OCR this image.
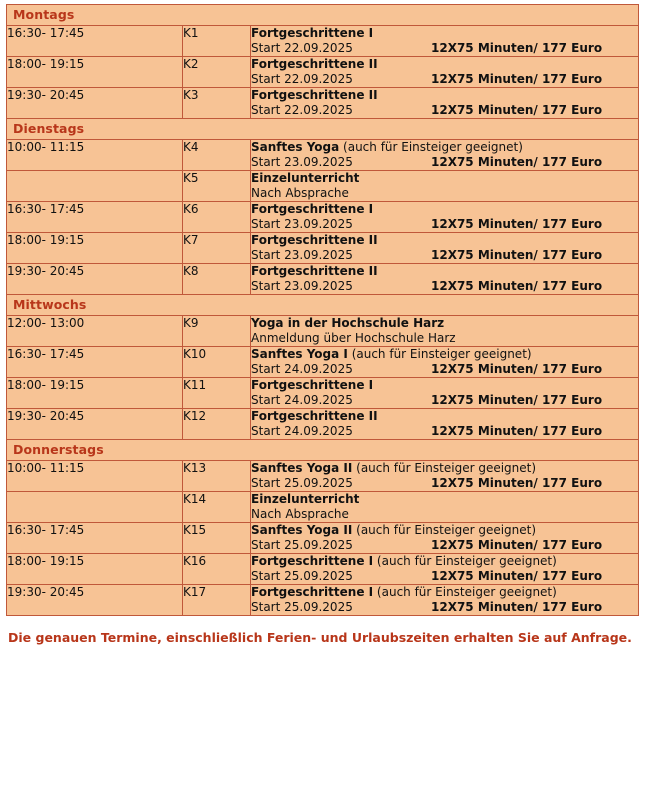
Montags		
16:30- 17:45	K1	Fortgeschrittene I
Start 22.09.2025 12X75 Minuten/ 177 Euro

18:00- 19:15	K2	Fortgeschrittene II
Start 22.09.2025 12X75 Minuten/ 177 Euro

19:30- 20:45	K3	Fortgeschrittene II
Start 22.09.2025 12X75 Minuten/ 177 Euro

Dienstags		
10:00- 11:15	K4	Sanftes Yoga (auch für Einsteiger geeignet)
Start 23.09.2025 12X75 Minuten/ 177 Euro

	K5	Einzelunterricht
Nach Absprache

16:30- 17:45	K6	Fortgeschrittene I
Start 23.09.2025 12X75 Minuten/ 177 Euro

18:00- 19:15	K7	Fortgeschrittene II
Start 23.09.2025 12X75 Minuten/ 177 Euro

19:30- 20:45	K8	Fortgeschrittene II
Start 23.09.2025 12X75 Minuten/ 177 Euro

Mittwochs		
12:00- 13:00	K9	Yoga in der Hochschule Harz
Anmeldung über Hochschule Harz

16:30- 17:45	K10	Sanftes Yoga I (auch für Einsteiger geeignet)
Start 24.09.2025 12X75 Minuten/ 177 Euro

18:00- 19:15	K11	Fortgeschrittene I
Start 24.09.2025 12X75 Minuten/ 177 Euro

19:30- 20:45	K12	Fortgeschrittene II
Start 24.09.2025 12X75 Minuten/ 177 Euro

Donnerstags		
10:00- 11:15	K13	Sanftes Yoga II (auch für Einsteiger geeignet)
Start 25.09.2025 12X75 Minuten/ 177 Euro

	K14	Einzelunterricht
Nach Absprache

16:30- 17:45	K15	Sanftes Yoga II (auch für Einsteiger geeignet)
Start 25.09.2025 12X75 Minuten/ 177 Euro

18:00- 19:15	K16	Fortgeschrittene I (auch für Einsteiger geeignet)
Start 25.09.2025 12X75 Minuten/ 177 Euro

19:30- 20:45	K17	Fortgeschrittene I (auch für Einsteiger geeignet)
Start 25.09.2025 12X75 Minuten/ 177 Euro
Die genauen Termine, einschließlich Ferien- und Urlaubszeiten erhalten Sie auf Anfrage.
